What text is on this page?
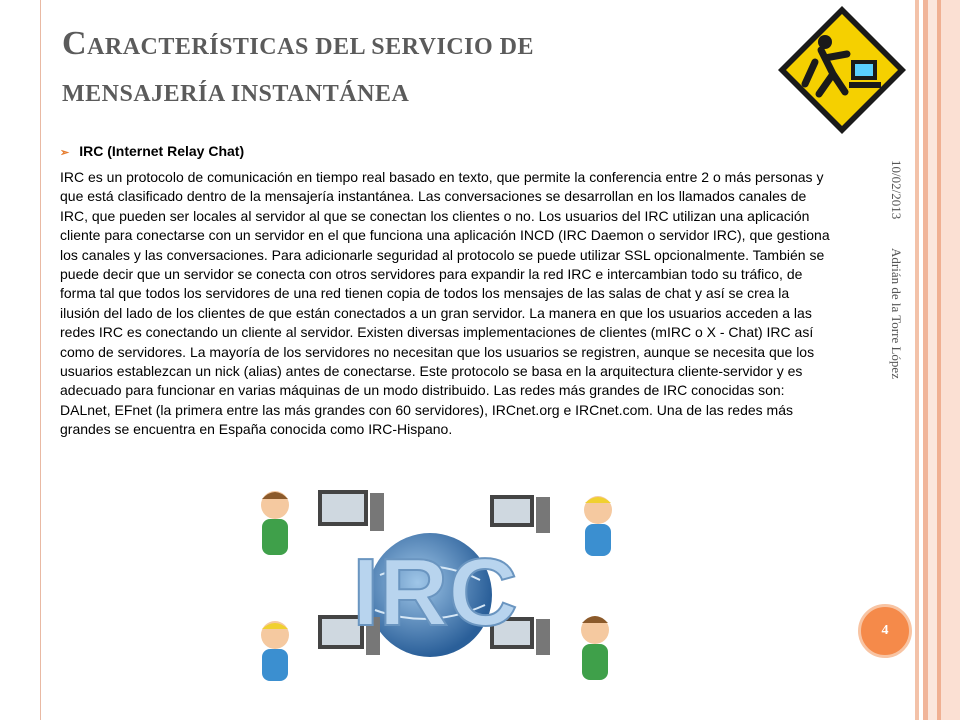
CARACTERÍSTICAS DEL SERVICIO DE
MENSAJERÍA INSTANTÁNEA
➢ IRC (Internet Relay Chat)
IRC es un protocolo de comunicación en tiempo real basado en texto, que permite la conferencia entre 2 o más personas y que está clasificado dentro de la mensajería instantánea. Las conversaciones se desarrollan en los llamados canales de IRC, que pueden ser locales al servidor al que se conectan los clientes o no. Los usuarios del IRC utilizan una aplicación cliente para conectarse con un servidor en el que funciona una aplicación INCD (IRC Daemon o servidor IRC), que gestiona los canales y las conversaciones. Para adicionarle seguridad al protocolo se puede utilizar SSL opcionalmente. También se puede decir que un servidor se conecta con otros servidores para expandir la red IRC e intercambian todo su tráfico, de forma tal que todos los servidores de una red tienen copia de todos los mensajes de las salas de chat y así se crea la ilusión del lado de los clientes de que están conectados a un gran servidor. La manera en que los usuarios acceden a las redes IRC es conectando un cliente al servidor. Existen diversas implementaciones de clientes (mIRC o X - Chat) IRC así como de servidores. La mayoría de los servidores no necesitan que los usuarios se registren, aunque se necesita que los usuarios establezcan un nick (alias) antes de conectarse. Este protocolo se basa en la arquitectura cliente-servidor y es adecuado para funcionar en varias máquinas de un modo distribuido. Las redes más grandes de IRC conocidas son: DALnet, EFnet (la primera entre las más grandes con 60 servidores), IRCnet.org e IRCnet.com. Una de las redes más grandes se encuentra en España conocida como IRC-Hispano.
10/02/2013
Adrián de la Torre López
4
IRC
